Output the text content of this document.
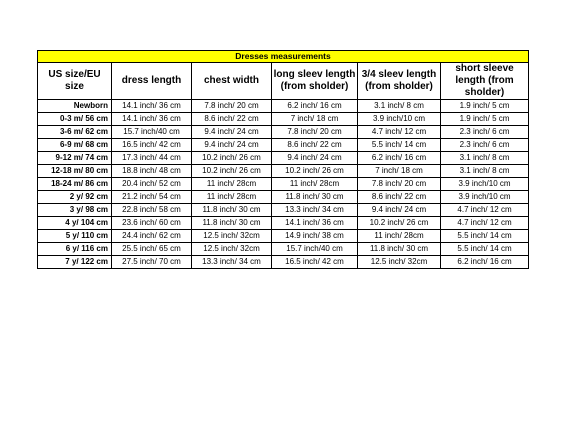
Dresses measurements					
US size/EU size	dress length	chest width	long sleev length (from sholder)	3/4 sleev length (from sholder)	short sleeve length (from sholder)
Newborn	14.1 inch/ 36 cm	7.8 inch/ 20 cm	6.2 inch/ 16 cm	3.1 inch/ 8 cm	1.9 inch/ 5 cm
0-3 m/ 56 cm	14.1 inch/ 36 cm	8.6 inch/ 22 cm	7 inch/ 18 cm	3.9 inch/10 cm	1.9 inch/ 5 cm
3-6 m/ 62 cm	15.7 inch/40 cm	9.4 inch/ 24 cm	7.8 inch/ 20 cm	4.7 inch/ 12 cm	2.3 inch/ 6 cm
6-9 m/ 68 cm	16.5 inch/ 42 cm	9.4 inch/ 24 cm	8.6 inch/ 22 cm	5.5 inch/ 14 cm	2.3 inch/ 6 cm
9-12 m/ 74 cm	17.3 inch/ 44 cm	10.2 inch/ 26 cm	9.4 inch/ 24 cm	6.2 inch/ 16 cm	3.1 inch/ 8 cm
12-18 m/ 80 cm	18.8 inch/ 48 cm	10.2 inch/ 26 cm	10.2 inch/ 26 cm	7 inch/ 18 cm	3.1 inch/ 8 cm
18-24 m/ 86 cm	20.4 inch/ 52 cm	11 inch/ 28cm	11 inch/ 28cm	7.8 inch/ 20 cm	3.9 inch/10 cm
2 y/ 92 cm	21.2 inch/ 54 cm	11 inch/ 28cm	11.8 inch/ 30 cm	8.6 inch/ 22 cm	3.9 inch/10 cm
3 y/ 98 cm	22.8 inch/ 58 cm	11.8 inch/ 30 cm	13.3 inch/ 34 cm	9.4 inch/ 24 cm	4.7 inch/ 12 cm
4 y/ 104 cm	23.6 inch/ 60 cm	11.8 inch/ 30 cm	14.1 inch/ 36 cm	10.2 inch/ 26 cm	4.7 inch/ 12 cm
5 y/ 110 cm	24.4 inch/ 62 cm	12.5 inch/ 32cm	14.9 inch/ 38 cm	11 inch/ 28cm	5.5 inch/ 14 cm
6 y/ 116 cm	25.5 inch/ 65 cm	12.5 inch/ 32cm	15.7 inch/40 cm	11.8 inch/ 30 cm	5.5 inch/ 14 cm
7 y/ 122 cm	27.5 inch/ 70 cm	13.3 inch/ 34 cm	16.5 inch/ 42 cm	12.5 inch/ 32cm	6.2 inch/ 16 cm
